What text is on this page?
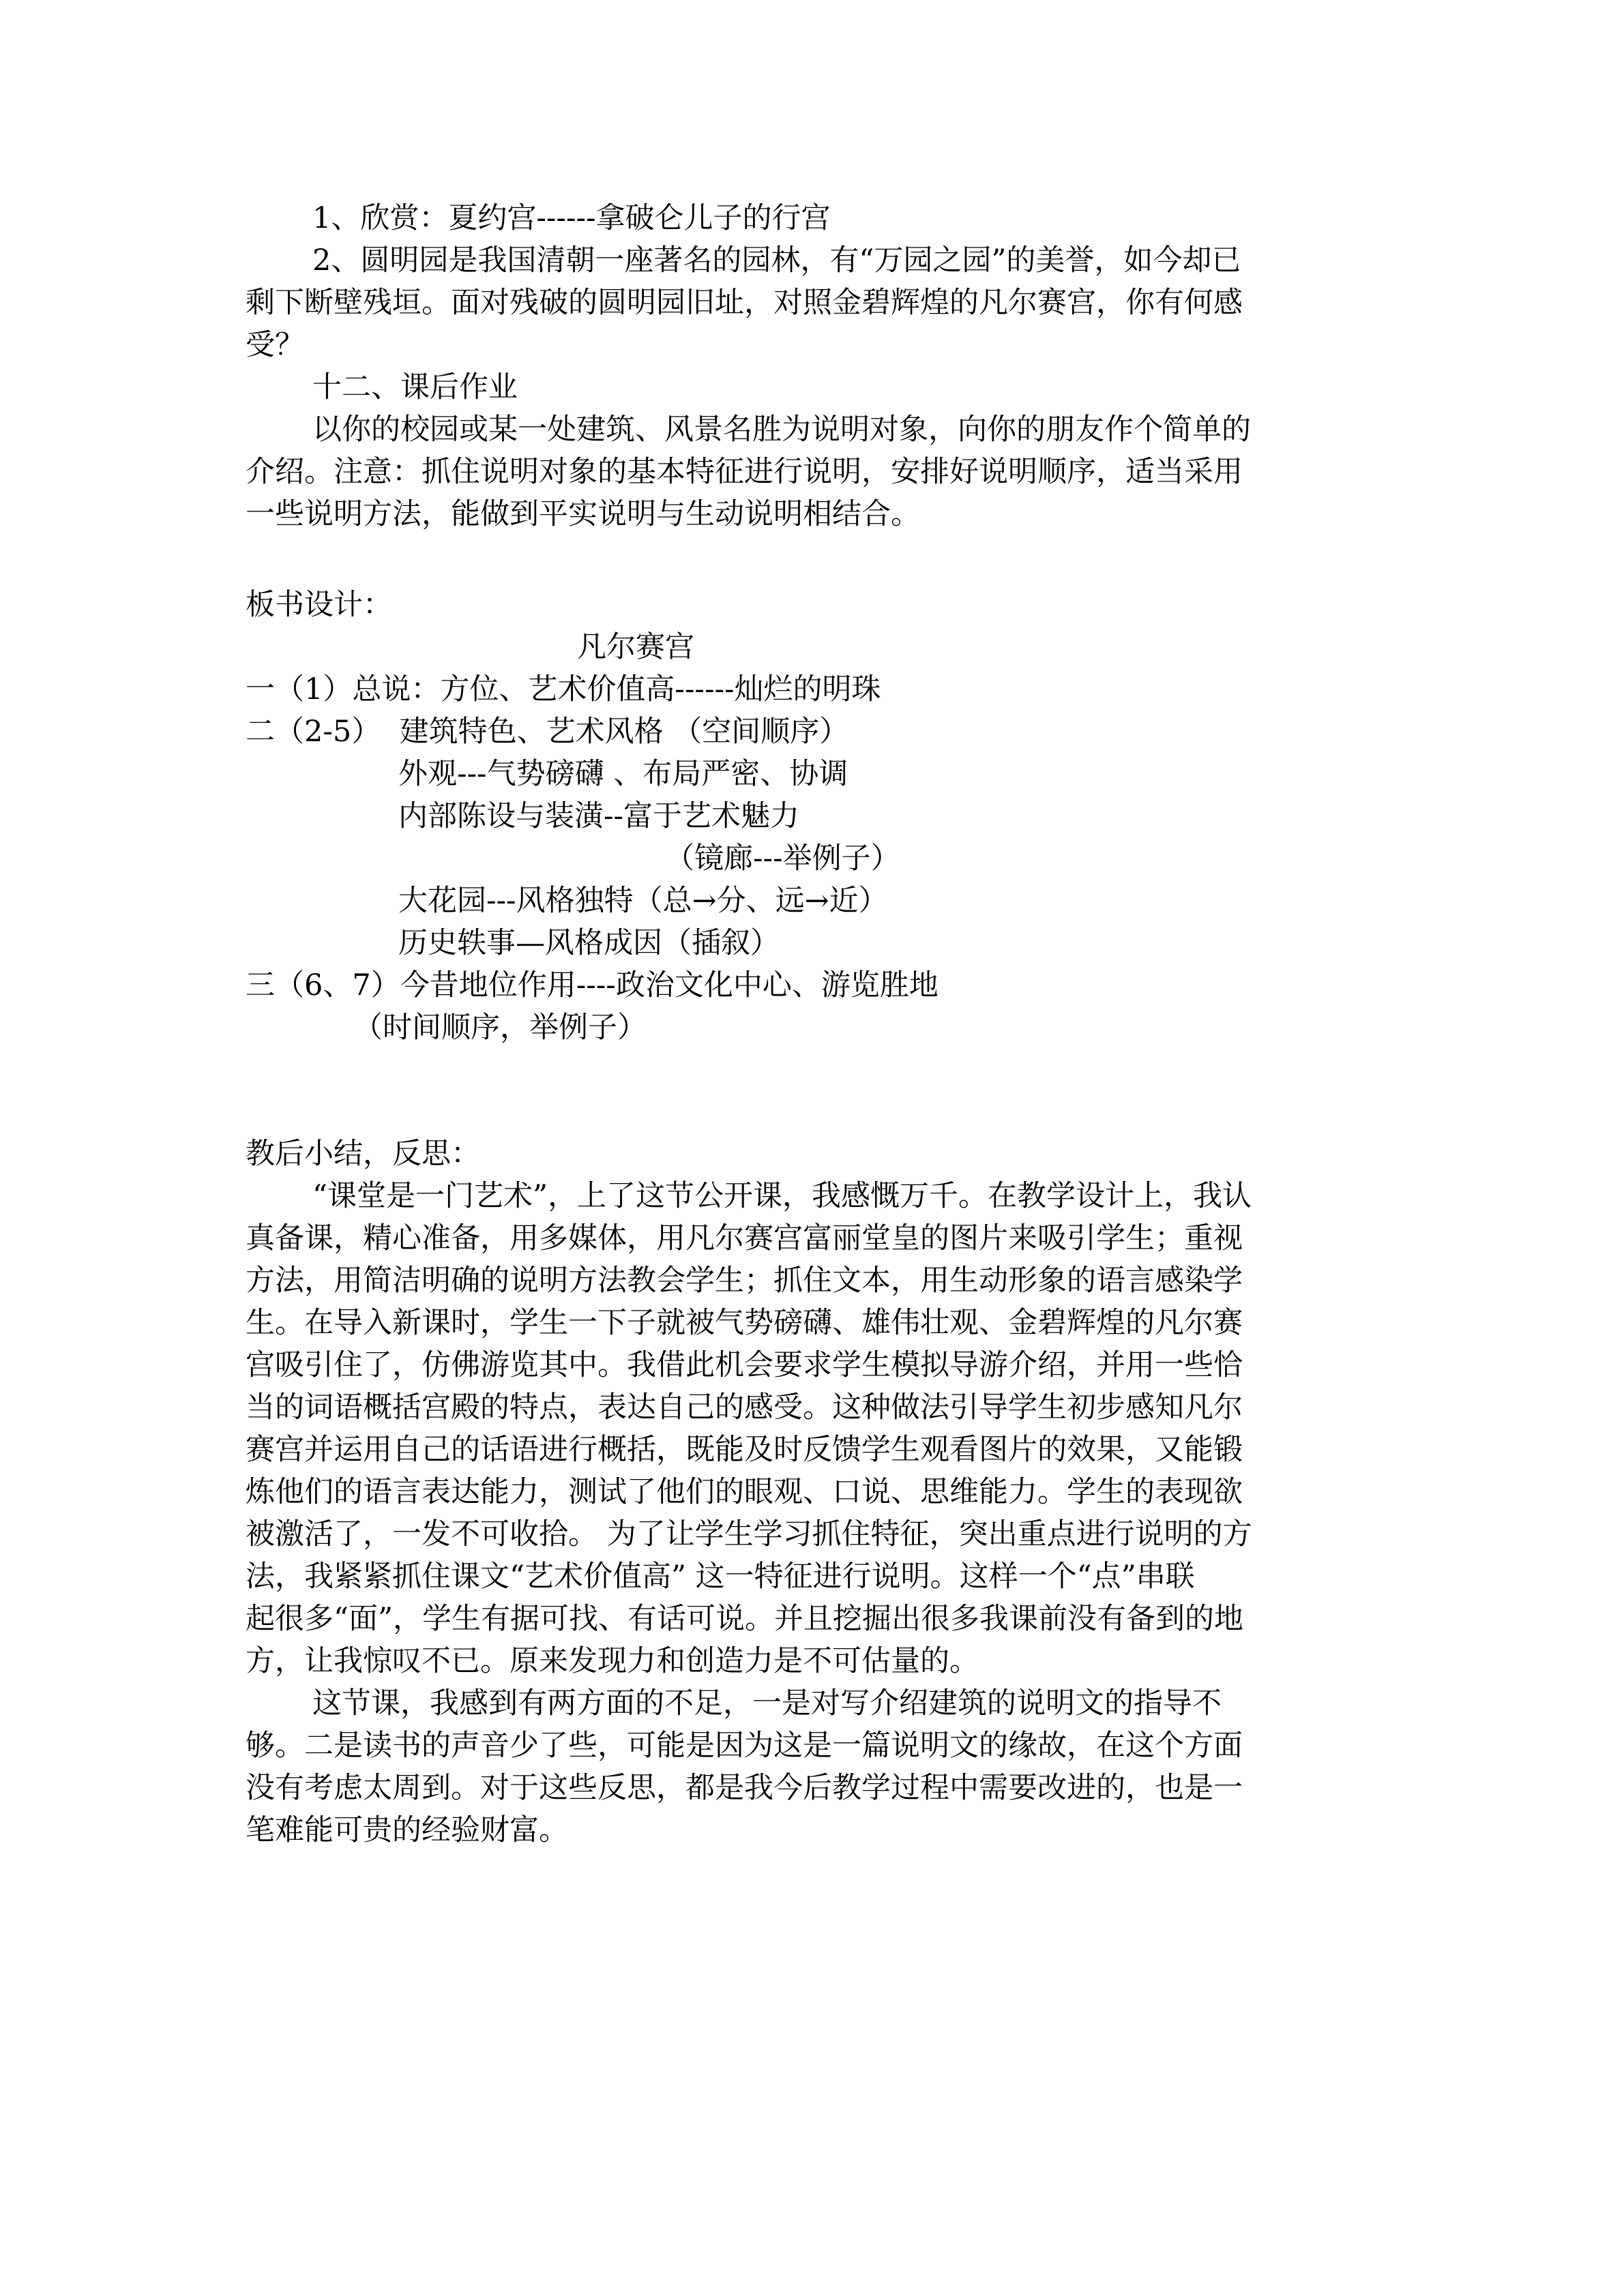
1、欣赏：夏约宫------拿破仑儿子的行宫
2、圆明园是我国清朝一座著名的园林，有“万园之园”的美誉，如今却已
剩下断壁残垣。面对残破的圆明园旧址，对照金碧辉煌的凡尔赛宫，你有何感
受？
十二、课后作业
以你的校园或某一处建筑、风景名胜为说明对象，向你的朋友作个简单的
介绍。注意：抓住说明对象的基本特征进行说明，安排好说明顺序，适当采用
一些说明方法，能做到平实说明与生动说明相结合。
板书设计：
凡尔赛宫
一（1）总说：方位、艺术价值高------灿烂的明珠
二（2-5）  建筑特色、艺术风格 （空间顺序）
外观---气势磅礴 、布局严密、协调
内部陈设与装潢--富于艺术魅力
（镜廊---举例子）
大花园---风格独特（总→分、远→近）
历史轶事—风格成因（插叙）
三（6、7）今昔地位作用----政治文化中心、游览胜地
（时间顺序，举例子）
教后小结，反思：
“课堂是一门艺术”，上了这节公开课，我感慨万千。在教学设计上，我认
真备课，精心准备，用多媒体，用凡尔赛宫富丽堂皇的图片来吸引学生；重视
方法，用简洁明确的说明方法教会学生；抓住文本，用生动形象的语言感染学
生。在导入新课时，学生一下子就被气势磅礴、雄伟壮观、金碧辉煌的凡尔赛
宫吸引住了，仿佛游览其中。我借此机会要求学生模拟导游介绍，并用一些恰
当的词语概括宫殿的特点，表达自己的感受。这种做法引导学生初步感知凡尔
赛宫并运用自己的话语进行概括，既能及时反馈学生观看图片的效果，又能锻
炼他们的语言表达能力，测试了他们的眼观、口说、思维能力。学生的表现欲
被激活了，一发不可收拾。 为了让学生学习抓住特征，突出重点进行说明的方
法，我紧紧抓住课文“艺术价值高” 这一特征进行说明。这样一个“点”串联
起很多“面”，学生有据可找、有话可说。并且挖掘出很多我课前没有备到的地
方，让我惊叹不已。原来发现力和创造力是不可估量的。
这节课，我感到有两方面的不足，一是对写介绍建筑的说明文的指导不
够。二是读书的声音少了些，可能是因为这是一篇说明文的缘故，在这个方面
没有考虑太周到。对于这些反思，都是我今后教学过程中需要改进的，也是一
笔难能可贵的经验财富。
